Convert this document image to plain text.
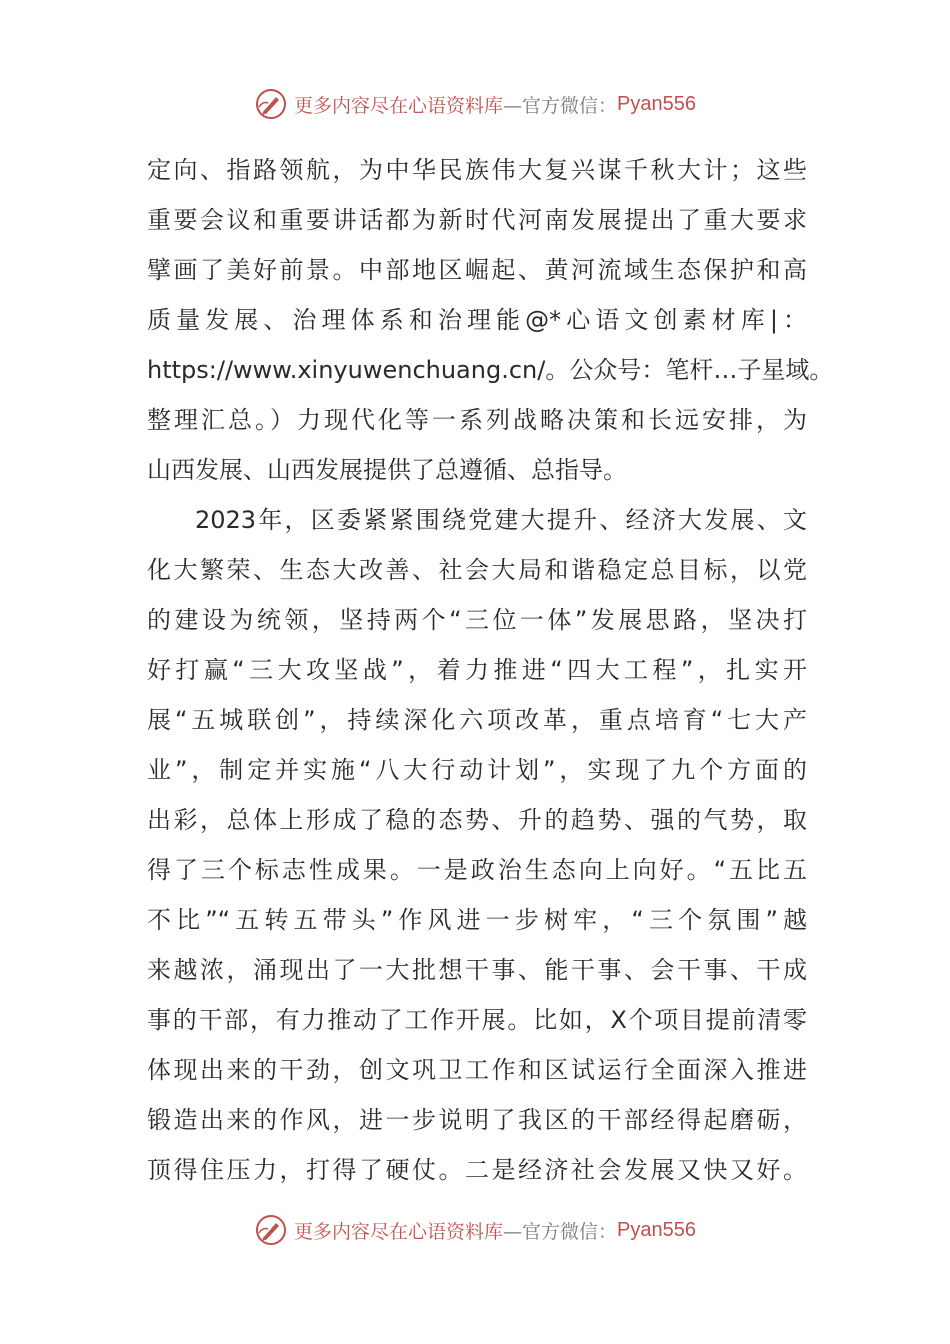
更多内容尽在心语资料库 —官方微信： Pyan556
定向、指路领航，为中华民族伟大复兴谋千秋大计；这些
重要会议和重要讲话都为新时代河南发展提出了重大要求
擘画了美好前景。中部地区崛起、黄河流域生态保护和高
质量发展、治理体系和治理能@*心语文创素材库|：
https://www.xinyuwenchuang.cn/。公众号：笔杆…子星域。
整理汇总。）力现代化等一系列战略决策和长远安排，为
山西发展、山西发展提供了总遵循、总指导。
2023年，区委紧紧围绕党建大提升、经济大发展、文
化大繁荣、生态大改善、社会大局和谐稳定总目标，以党
的建设为统领，坚持两个“三位一体”发展思路，坚决打
好打赢“三大攻坚战”，着力推进“四大工程”，扎实开
展“五城联创”，持续深化六项改革，重点培育“七大产
业”，制定并实施“八大行动计划”，实现了九个方面的
出彩，总体上形成了稳的态势、升的趋势、强的气势，取
得了三个标志性成果。一是政治生态向上向好。“五比五
不比”“五转五带头”作风进一步树牢，“三个氛围”越
来越浓，涌现出了一大批想干事、能干事、会干事、干成
事的干部，有力推动了工作开展。比如，X个项目提前清零
体现出来的干劲，创文巩卫工作和区试运行全面深入推进
锻造出来的作风，进一步说明了我区的干部经得起磨砺，
顶得住压力，打得了硬仗。二是经济社会发展又快又好。
更多内容尽在心语资料库 —官方微信： Pyan556
